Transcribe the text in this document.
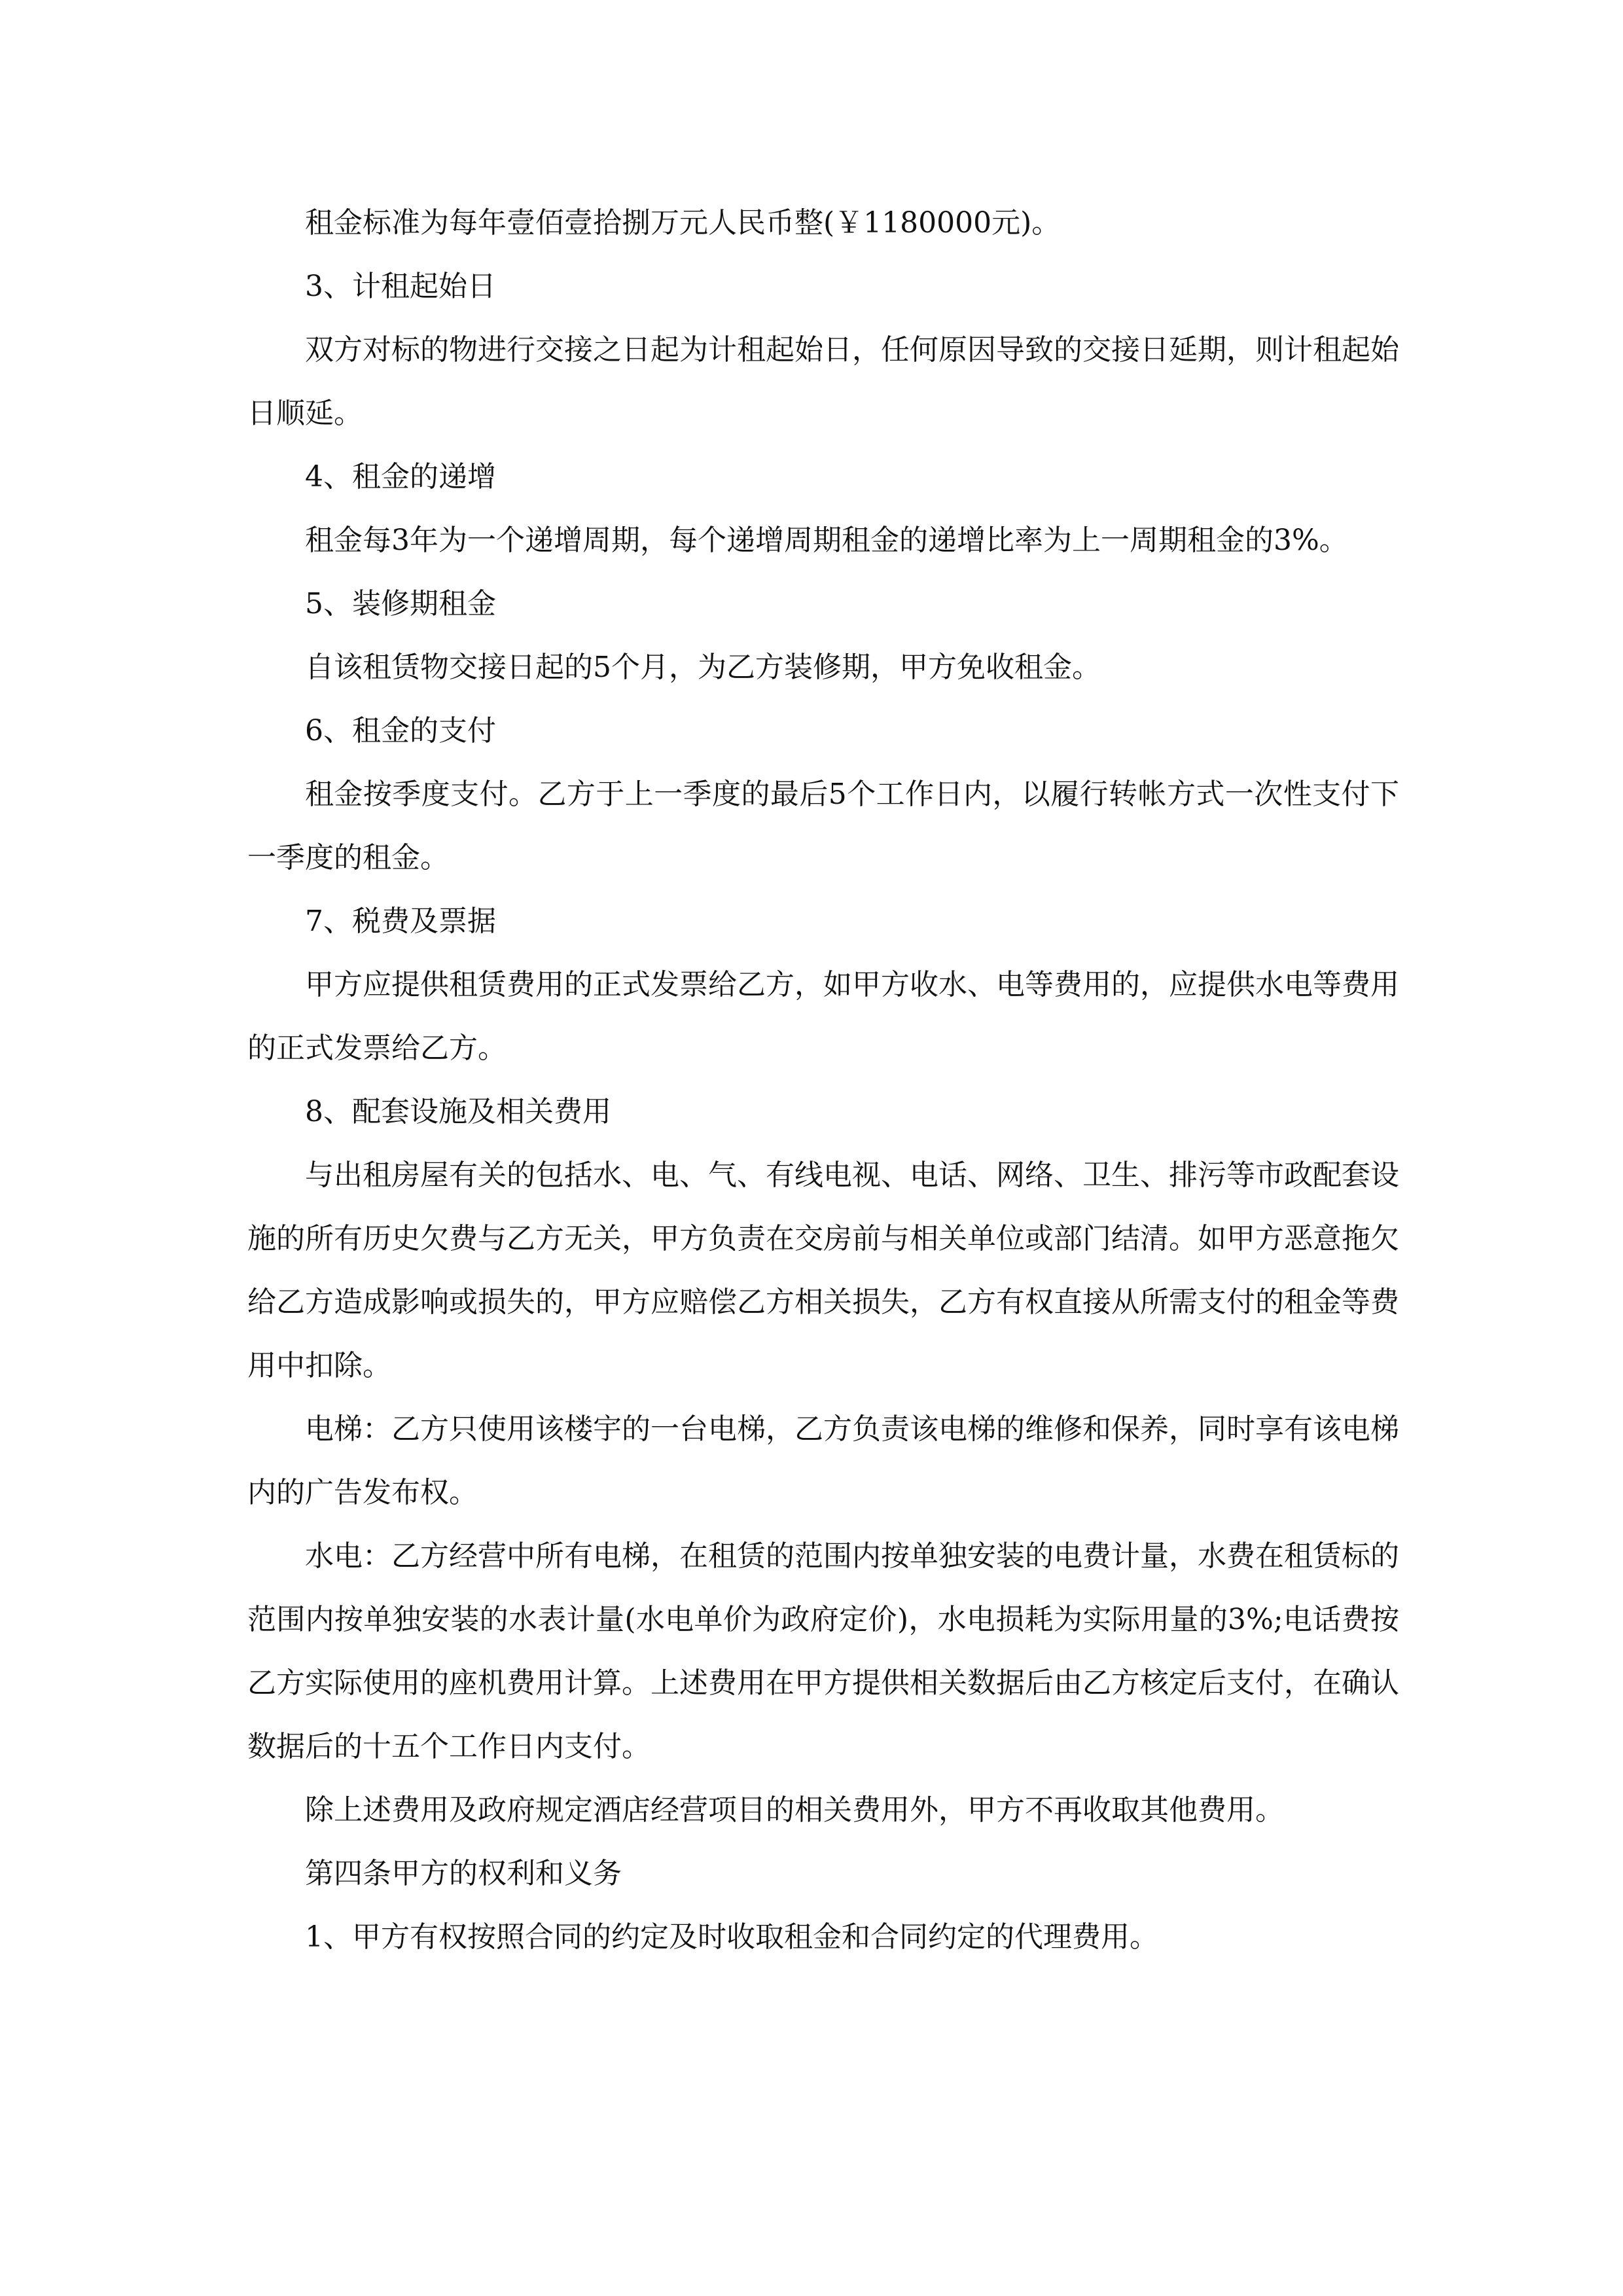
租金标准为每年壹佰壹拾捌万元人民币整(￥1180000元)。

3、计租起始日

双方对标的物进行交接之日起为计租起始日，任何原因导致的交接日延期，则计租起始日顺延。

4、租金的递增

租金每3年为一个递增周期，每个递增周期租金的递增比率为上一周期租金的3%。

5、装修期租金

自该租赁物交接日起的5个月，为乙方装修期，甲方免收租金。

6、租金的支付

租金按季度支付。乙方于上一季度的最后5个工作日内，以履行转帐方式一次性支付下一季度的租金。

7、税费及票据

甲方应提供租赁费用的正式发票给乙方，如甲方收水、电等费用的，应提供水电等费用的正式发票给乙方。

8、配套设施及相关费用

与出租房屋有关的包括水、电、气、有线电视、电话、网络、卫生、排污等市政配套设施的所有历史欠费与乙方无关，甲方负责在交房前与相关单位或部门结清。如甲方恶意拖欠给乙方造成影响或损失的，甲方应赔偿乙方相关损失，乙方有权直接从所需支付的租金等费用中扣除。

电梯：乙方只使用该楼宇的一台电梯，乙方负责该电梯的维修和保养，同时享有该电梯内的广告发布权。

水电：乙方经营中所有电梯，在租赁的范围内按单独安装的电费计量，水费在租赁标的范围内按单独安装的水表计量(水电单价为政府定价)，水电损耗为实际用量的3%;电话费按乙方实际使用的座机费用计算。上述费用在甲方提供相关数据后由乙方核定后支付，在确认数据后的十五个工作日内支付。

除上述费用及政府规定酒店经营项目的相关费用外，甲方不再收取其他费用。

第四条甲方的权利和义务

1、甲方有权按照合同的约定及时收取租金和合同约定的代理费用。
